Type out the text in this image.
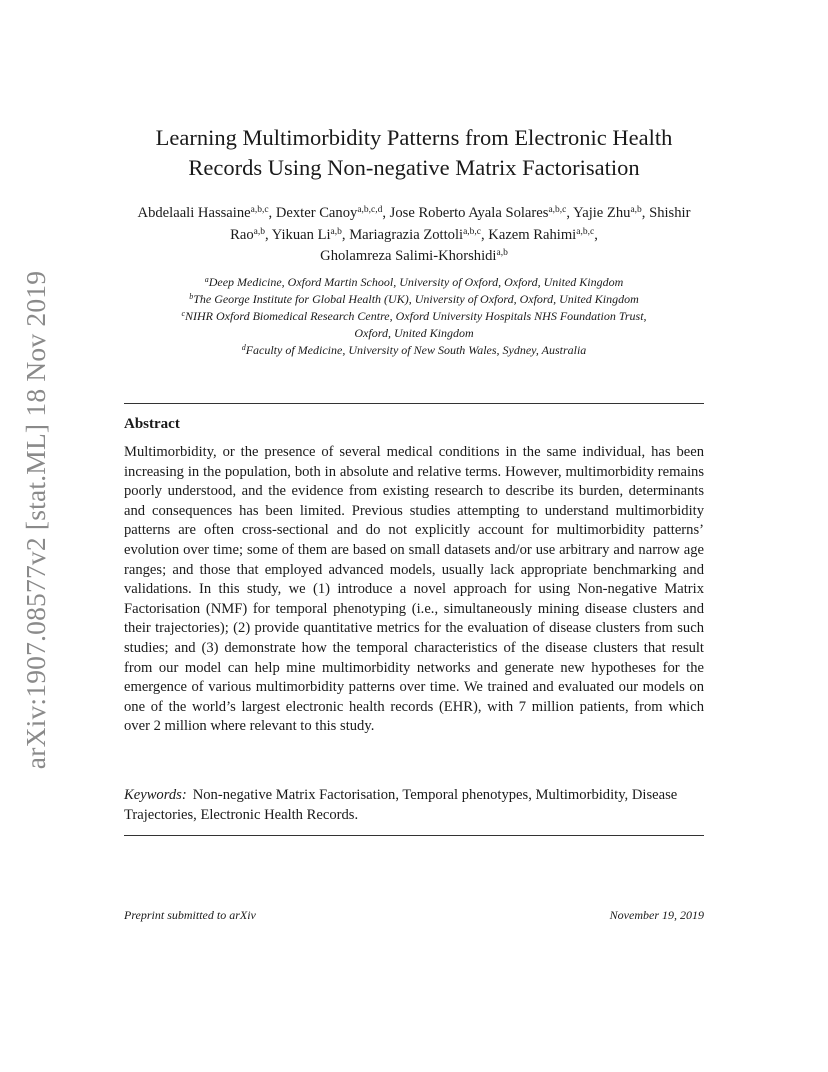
arXiv:1907.08577v2 [stat.ML] 18 Nov 2019
Learning Multimorbidity Patterns from Electronic Health
Records Using Non-negative Matrix Factorisation
Abdelaali Hassaine$^{a,b,c}$, Dexter Canoy$^{a,b,c,d}$, Jose Roberto Ayala Solares$^{a,b,c}$, Yajie Zhu$^{a,b}$, Shishir Rao$^{a,b}$, Yikuan Li$^{a,b}$, Mariagrazia Zottoli$^{a,b,c}$, Kazem Rahimi$^{a,b,c}$,
Gholamreza Salimi-Khorshidi$^{a,b}$
$^a$Deep Medicine, Oxford Martin School, University of Oxford, Oxford, United Kingdom
$^b$The George Institute for Global Health (UK), University of Oxford, Oxford, United Kingdom
$^c$NIHR Oxford Biomedical Research Centre, Oxford University Hospitals NHS Foundation Trust,
Oxford, United Kingdom
$^d$Faculty of Medicine, University of New South Wales, Sydney, Australia
Abstract

Multimorbidity, or the presence of several medical conditions in the same individual, has been increasing in the population, both in absolute and relative terms. However, multimorbidity remains poorly understood, and the evidence from existing research to describe its burden, determinants and consequences has been limited. Previous studies attempting to understand multimorbidity patterns are often cross-sectional and do not explicitly account for multimorbidity patterns’ evolution over time; some of them are based on small datasets and/or use arbitrary and narrow age ranges; and those that employed advanced models, usually lack appropriate benchmarking and validations. In this study, we (1) introduce a novel approach for using Non-negative Matrix Factorisation (NMF) for temporal phenotyping (i.e., simultaneously mining disease clusters and their trajectories); (2) provide quantitative metrics for the evaluation of disease clusters from such studies; and (3) demonstrate how the temporal characteristics of the disease clusters that result from our model can help mine multimorbidity networks and generate new hypotheses for the emergence of various multimorbidity patterns over time. We trained and evaluated our models on one of the world’s largest electronic health records (EHR), with 7 million patients, from which over 2 million where relevant to this study.

Keywords: Non-negative Matrix Factorisation, Temporal phenotypes, Multimorbidity, Disease Trajectories, Electronic Health Records.

Preprint submitted to arXiv	November 19, 2019
